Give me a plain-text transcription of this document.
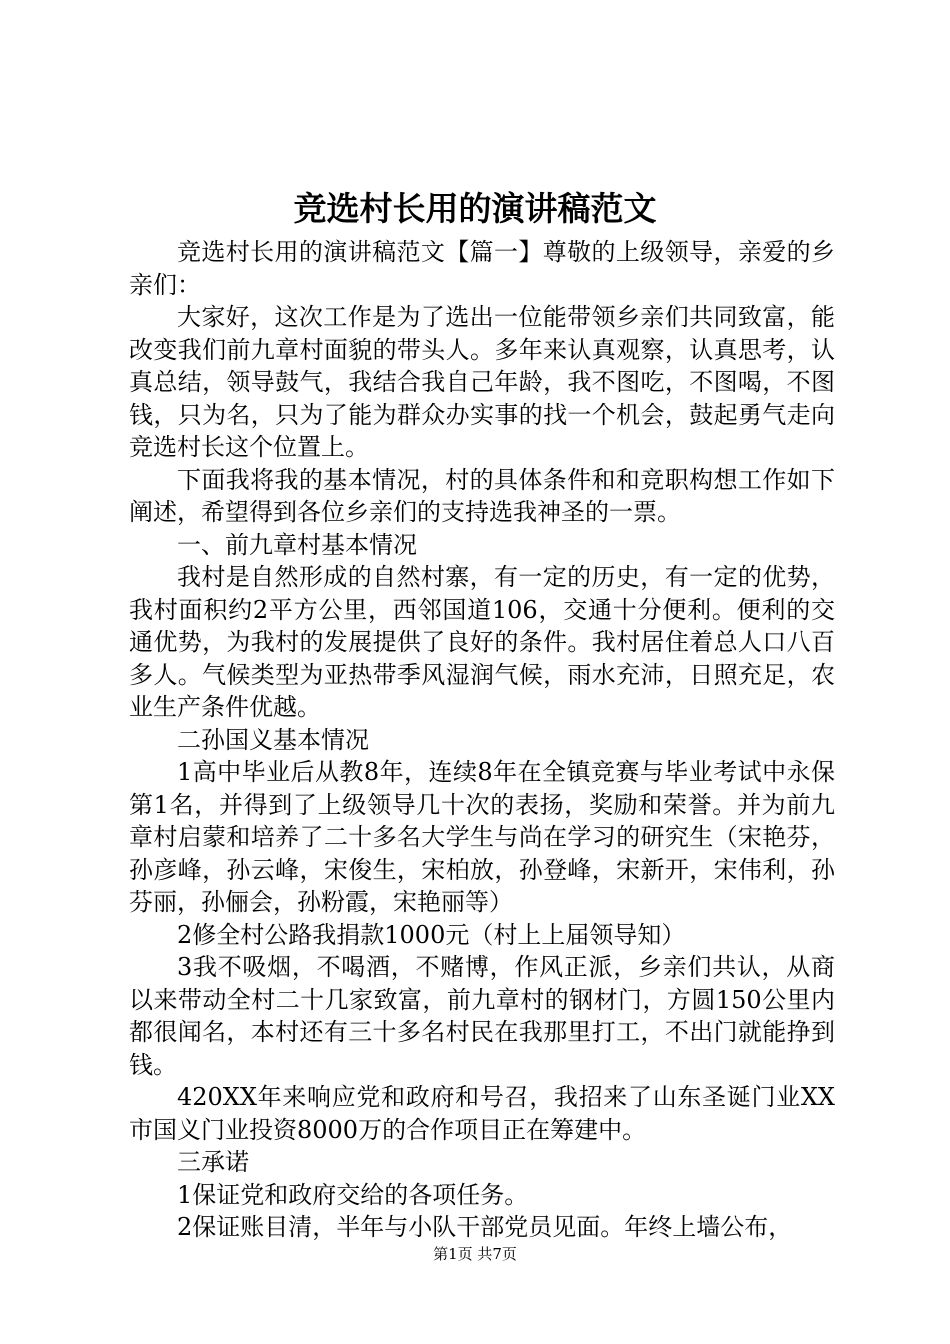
竞选村长用的演讲稿范文

竞选村长用的演讲稿范文【篇一】尊敬的上级领导，亲爱的乡亲们：

大家好，这次工作是为了选出一位能带领乡亲们共同致富，能改变我们前九章村面貌的带头人。多年来认真观察，认真思考，认真总结，领导鼓气，我结合我自己年龄，我不图吃，不图喝，不图钱，只为名，只为了能为群众办实事的找一个机会，鼓起勇气走向竞选村长这个位置上。

下面我将我的基本情况，村的具体条件和和竞职构想工作如下阐述，希望得到各位乡亲们的支持选我神圣的一票。

一、前九章村基本情况

我村是自然形成的自然村寨，有一定的历史，有一定的优势，我村面积约2平方公里，西邻国道106，交通十分便利。便利的交通优势，为我村的发展提供了良好的条件。我村居住着总人口八百多人。气候类型为亚热带季风湿润气候，雨水充沛，日照充足，农业生产条件优越。

二孙国义基本情况

1高中毕业后从教8年，连续8年在全镇竞赛与毕业考试中永保第1名，并得到了上级领导几十次的表扬，奖励和荣誉。并为前九章村启蒙和培养了二十多名大学生与尚在学习的研究生（宋艳芬，孙彦峰，孙云峰，宋俊生，宋柏放，孙登峰，宋新开，宋伟利，孙芬丽，孙俪会，孙粉霞，宋艳丽等）

2修全村公路我捐款1000元（村上上届领导知）

3我不吸烟，不喝酒，不赌博，作风正派，乡亲们共认，从商以来带动全村二十几家致富，前九章村的钢材门，方圆150公里内都很闻名，本村还有三十多名村民在我那里打工，不出门就能挣到钱。

420XX年来响应党和政府和号召，我招来了山东圣诞门业XX市国义门业投资8000万的合作项目正在筹建中。

三承诺

1保证党和政府交给的各项任务。

2保证账目清，半年与小队干部党员见面。年终上墙公布，

第1页 共7页
